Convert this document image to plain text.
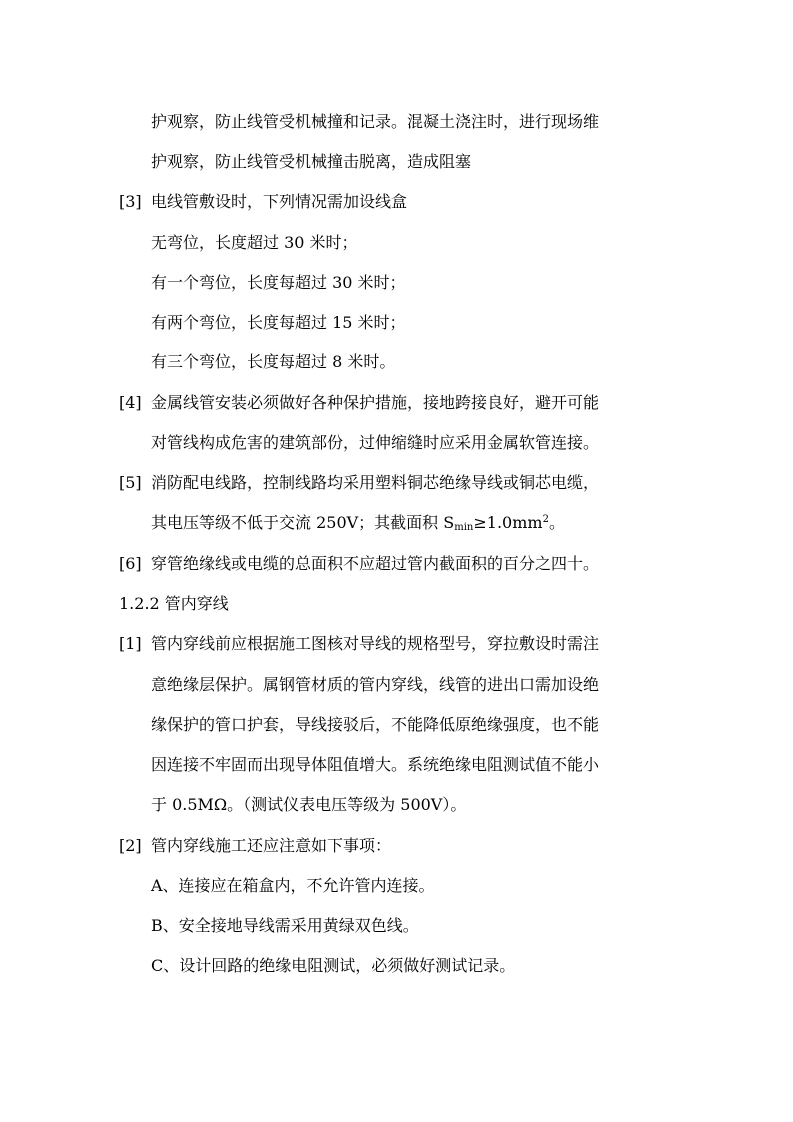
护观察，防止线管受机械撞和记录。混凝土浇注时，进行现场维
护观察，防止线管受机械撞击脱离，造成阻塞
[3] 电线管敷设时，下列情况需加设线盒
无弯位，长度超过 30 米时；
有一个弯位，长度每超过 30 米时；
有两个弯位，长度每超过 15 米时；
有三个弯位，长度每超过 8 米时。
[4] 金属线管安装必须做好各种保护措施，接地跨接良好，避开可能
对管线构成危害的建筑部份，过伸缩缝时应采用金属软管连接。
[5] 消防配电线路，控制线路均采用塑料铜芯绝缘导线或铜芯电缆，
其电压等级不低于交流 250V；其截面积 $S_{min}\ge 1.0mm^2$。
[6] 穿管绝缘线或电缆的总面积不应超过管内截面积的百分之四十。
1.2.2 管内穿线
[1] 管内穿线前应根据施工图核对导线的规格型号，穿拉敷设时需注
意绝缘层保护。属钢管材质的管内穿线，线管的进出口需加设绝
缘保护的管口护套，导线接驳后，不能降低原绝缘强度，也不能
因连接不牢固而出现导体阻值增大。系统绝缘电阻测试值不能小
于 0.5MΩ。（测试仪表电压等级为 500V）。
[2] 管内穿线施工还应注意如下事项：
A、连接应在箱盒内，不允许管内连接。
B、安全接地导线需采用黄绿双色线。
C、设计回路的绝缘电阻测试，必须做好测试记录。
